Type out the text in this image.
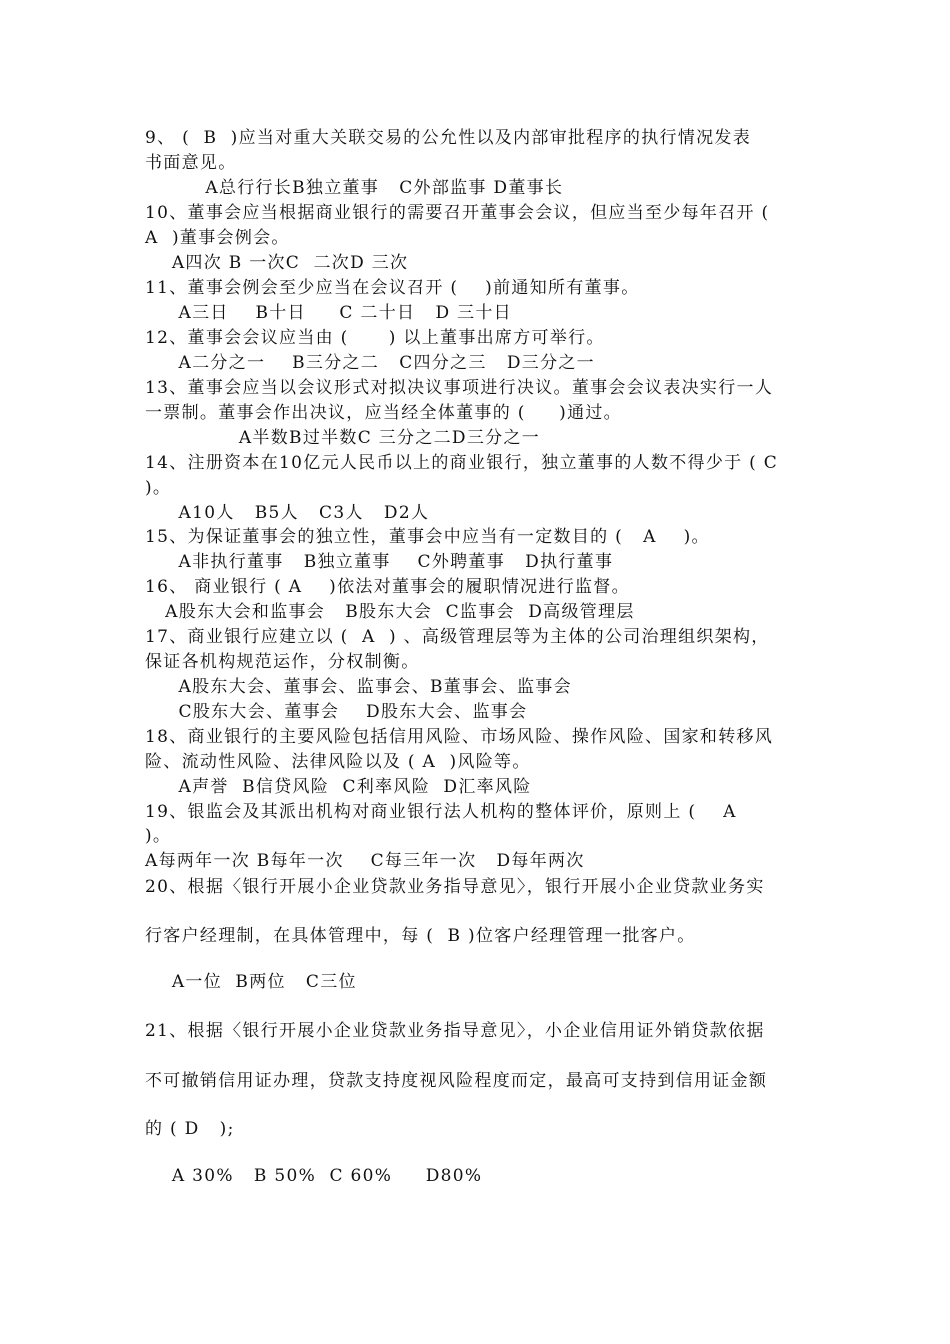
9、 (  B  )应当对重大关联交易的公允性以及内部审批程序的执行情况发表
书面意见。
A总行行长B独立董事   C外部监事 D董事长
10、董事会应当根据商业银行的需要召开董事会会议，但应当至少每年召开 (
A  )董事会例会。
A四次 B 一次C  二次D 三次
11、董事会例会至少应当在会议召开 (    )前通知所有董事。
A三日    B十日     C 二十日   D 三十日
12、董事会会议应当由 (      ) 以上董事出席方可举行。
A二分之一    B三分之二   C四分之三   D三分之一
13、董事会应当以会议形式对拟决议事项进行决议。董事会会议表决实行一人
一票制。董事会作出决议，应当经全体董事的 (     )通过。
A半数B过半数C 三分之二D三分之一
14、注册资本在10亿元人民币以上的商业银行，独立董事的人数不得少于 ( C
)。
A10人   B5人   C3人   D2人
15、为保证董事会的独立性，董事会中应当有一定数目的 (   A    )。
A非执行董事   B独立董事    C外聘董事   D执行董事
16、 商业银行 ( A    )依法对董事会的履职情况进行监督。
A股东大会和监事会   B股东大会  C监事会  D高级管理层
17、商业银行应建立以 (  A  ) 、高级管理层等为主体的公司治理组织架构，
保证各机构规范运作，分权制衡。
A股东大会、董事会、监事会、B董事会、监事会
C股东大会、董事会    D股东大会、监事会
18、商业银行的主要风险包括信用风险、市场风险、操作风险、国家和转移风
险、流动性风险、法律风险以及 ( A  )风险等。
A声誉  B信贷风险  C利率风险  D汇率风险
19、银监会及其派出机构对商业银行法人机构的整体评价，原则上 (    A
)。
A每两年一次 B每年一次    C每三年一次   D每年两次
20、根据〈银行开展小企业贷款业务指导意见〉，银行开展小企业贷款业务实
行客户经理制，在具体管理中，每 (  B )位客户经理管理一批客户。
A一位  B两位   C三位
21、根据〈银行开展小企业贷款业务指导意见〉，小企业信用证外销贷款依据
不可撤销信用证办理，贷款支持度视风险程度而定，最高可支持到信用证金额
的 ( D   );
A 30%   B 50%  C 60%     D80%
